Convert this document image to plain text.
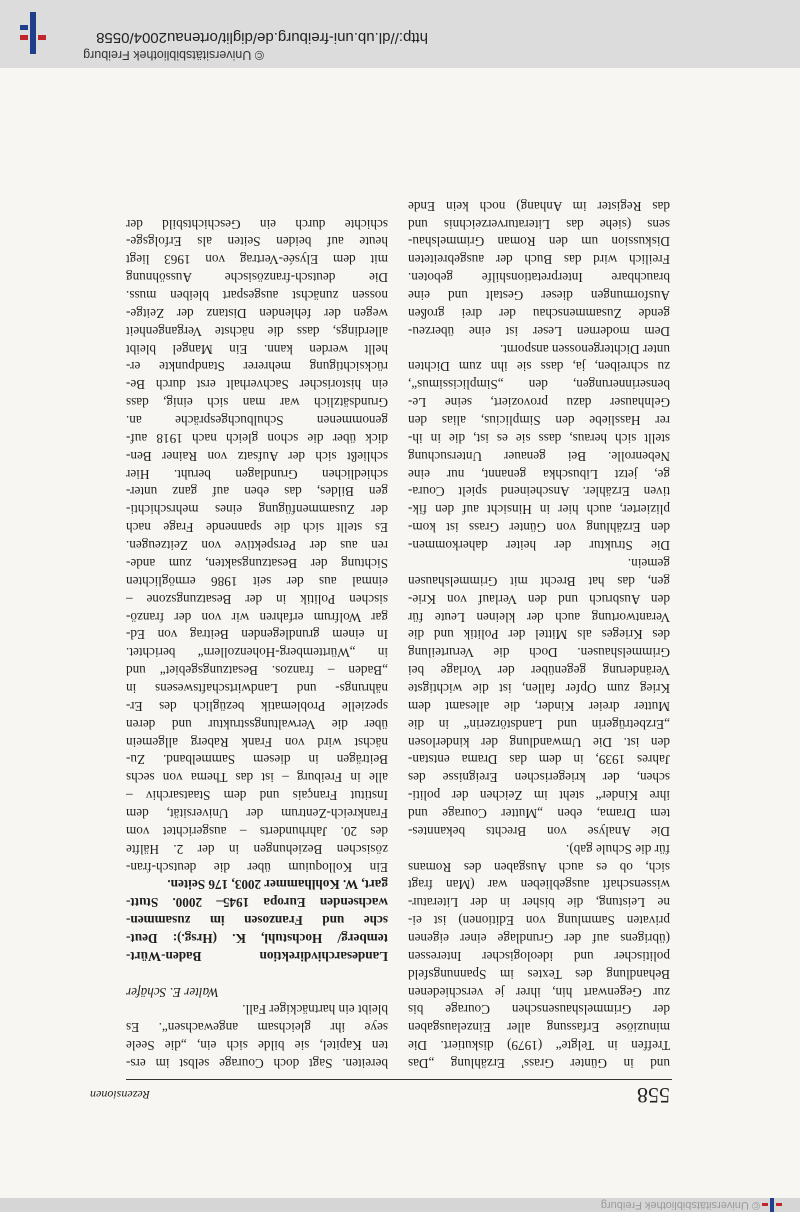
© Universitätsbibliothek Freiburg
558
Rezensionen
und in Günter Grass' Erzählung „Das
Treffen in Telgte“ (1979) diskutiert. Die
minuziöse Erfassung aller Einzelausgaben
der Grimmelshausenschen Courage bis
zur Gegenwart hin, ihrer je verschiedenen
Behandlung des Textes im Spannungsfeld
politischer und ideologischer Interessen
(übrigens auf der Grundlage einer eigenen
privaten Sammlung von Editionen) ist ei-
ne Leistung, die bisher in der Literatur-
wissenschaft ausgeblieben war (Man fragt
sich, ob es auch Ausgaben des Romans
für die Schule gab).
Die Analyse von Brechts bekanntes-
tem Drama, eben „Mutter Courage und
ihre Kinder“ steht im Zeichen der politi-
schen, der kriegerischen Ereignisse des
Jahres 1939, in dem das Drama entstan-
den ist. Die Umwandlung der kinderlosen
„Erzbetrügerin und Landstörzerin“ in die
Mutter dreier Kinder, die allesamt dem
Krieg zum Opfer fallen, ist die wichtigste
Veränderung gegenüber der Vorlage bei
Grimmelshausen. Doch die Verurteilung
des Krieges als Mittel der Politik und die
Verantwortung auch der kleinen Leute für
den Ausbruch und den Verlauf von Krie-
gen, das hat Brecht mit Grimmelshausen
gemein.
Die Struktur der heiter daherkommen-
den Erzählung von Günter Grass ist kom-
plizierter, auch hier in Hinsicht auf den fik-
tiven Erzähler. Anscheinend spielt Coura-
ge, jetzt Libuschka genannt, nur eine
Nebenrolle. Bei genauer Untersuchung
stellt sich heraus, dass sie es ist, die in ih-
rer Hassliebe den Simplicius, alias den
Gelnhauser dazu provoziert, seine Le-
benserinnerungen, den „Simplicissimus“,
zu schreiben, ja, dass sie ihn zum Dichten
unter Dichtergenossen anspornt.
Dem modernen Leser ist eine überzeu-
gende Zusammenschau der drei großen
Ausformungen dieser Gestalt und eine
brauchbare Interpretationshilfe geboten.
Freilich wird das Buch der ausgebreiteten
Diskussion um den Roman Grimmelshau-
sens (siehe das Literaturverzeichnis und
das Register im Anhang) noch kein Ende
bereiten. Sagt doch Courage selbst im ers-
ten Kapitel, sie bilde sich ein, „die Seele
seye ihr gleichsam angewachsen“. Es
bleibt ein hartnäckiger Fall.
Walter E. Schäfer
Landesarchivdirektion Baden-Würt-
temberg/ Hochstuhl, K. (Hrsg.): Deut-
sche und Franzosen im zusammen-
wachsenden Europa 1945– 2000. Stutt-
gart, W. Kohlhammer 2003, 176 Seiten.
Ein Kolloquium über die deutsch-fran-
zösischen Beziehungen in der 2. Hälfte
des 20. Jahrhunderts – ausgerichtet vom
Frankreich-Zentrum der Universität, dem
Institut Français und dem Staatsarchiv –
alle in Freiburg – ist das Thema von sechs
Beiträgen in diesem Sammelband. Zu-
nächst wird von Frank Raberg allgemein
über die Verwaltungsstruktur und deren
spezielle Problematik bezüglich des Er-
nährungs- und Landwirtschaftswesens in
„Baden – franzos. Besatzungsgebiet“ und
in „Württemberg-Hohenzollern“ berichtet.
In einem grundlegenden Beitrag von Ed-
gar Wolfrum erfahren wir von der franzö-
sischen Politik in der Besatzungszone –
einmal aus der seit 1986 ermöglichten
Sichtung der Besatzungsakten, zum ande-
ren aus der Perspektive von Zeitzeugen.
Es stellt sich die spannende Frage nach
der Zusammenfügung eines mehrschichti-
gen Bildes, das eben auf ganz unter-
schiedlichen Grundlagen beruht. Hier
schließt sich der Aufsatz von Rainer Ben-
dick über die schon gleich nach 1918 auf-
genommenen Schulbuchgespräche an.
Grundsätzlich war man sich einig, dass
ein historischer Sachverhalt erst durch Be-
rücksichtigung mehrerer Standpunkte er-
hellt werden kann. Ein Mangel bleibt
allerdings, dass die nächste Vergangenheit
wegen der fehlenden Distanz der Zeitge-
nossen zunächst ausgespart bleiben muss.
Die deutsch-französische Aussöhnung
mit dem Elysée-Vertrag von 1963 liegt
heute auf beiden Seiten als Erfolgsge-
schichte durch ein Geschichtsbild der
© Universitätsbibliothek Freiburg
http://dl.ub.uni-freiburg.de/diglit/ortenau2004/0558
